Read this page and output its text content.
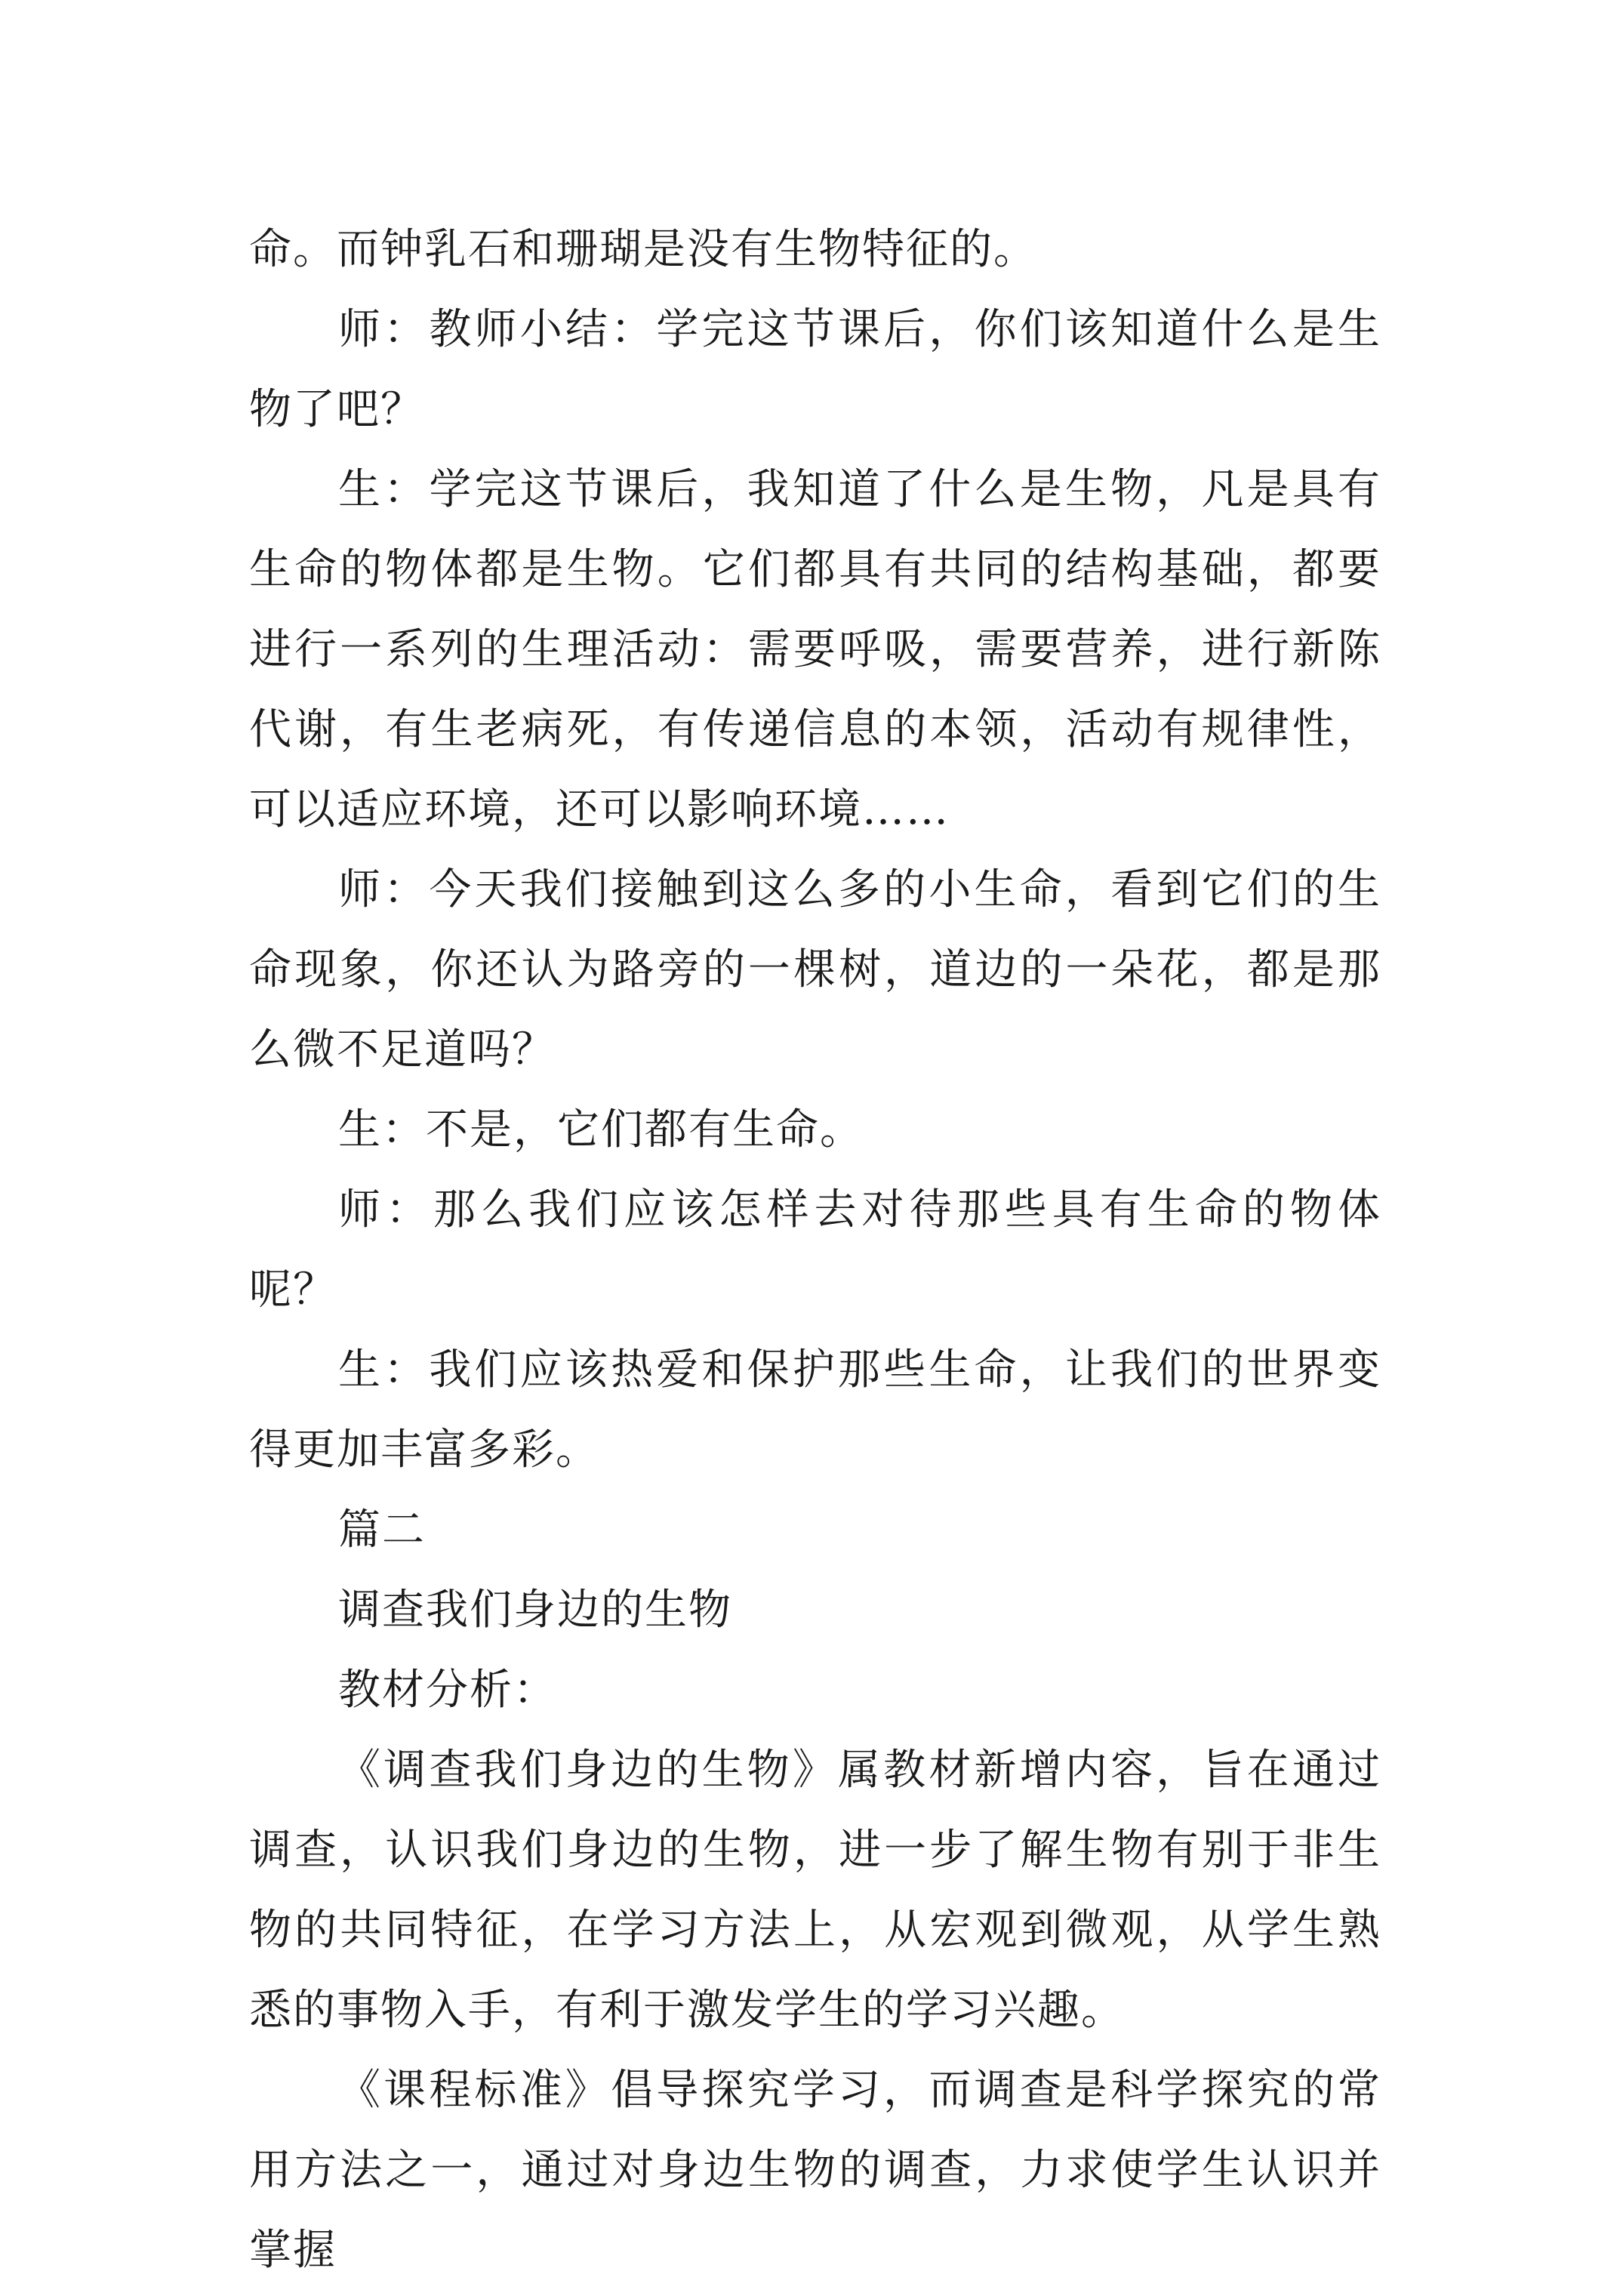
命。而钟乳石和珊瑚是没有生物特征的。

师：教师小结：学完这节课后，你们该知道什么是生物了吧？

生：学完这节课后，我知道了什么是生物，凡是具有生命的物体都是生物。它们都具有共同的结构基础，都要进行一系列的生理活动：需要呼吸，需要营养，进行新陈代谢，有生老病死，有传递信息的本领，活动有规律性，可以适应环境，还可以影响环境……

师：今天我们接触到这么多的小生命，看到它们的生命现象，你还认为路旁的一棵树，道边的一朵花，都是那么微不足道吗？

生：不是，它们都有生命。

师：那么我们应该怎样去对待那些具有生命的物体呢？

生：我们应该热爱和保护那些生命，让我们的世界变得更加丰富多彩。

篇二

调查我们身边的生物

教材分析：

《调查我们身边的生物》属教材新增内容，旨在通过调查，认识我们身边的生物，进一步了解生物有别于非生物的共同特征，在学习方法上，从宏观到微观，从学生熟悉的事物入手，有利于激发学生的学习兴趣。

《课程标准》倡导探究学习，而调查是科学探究的常用方法之一，通过对身边生物的调查，力求使学生认识并掌握
